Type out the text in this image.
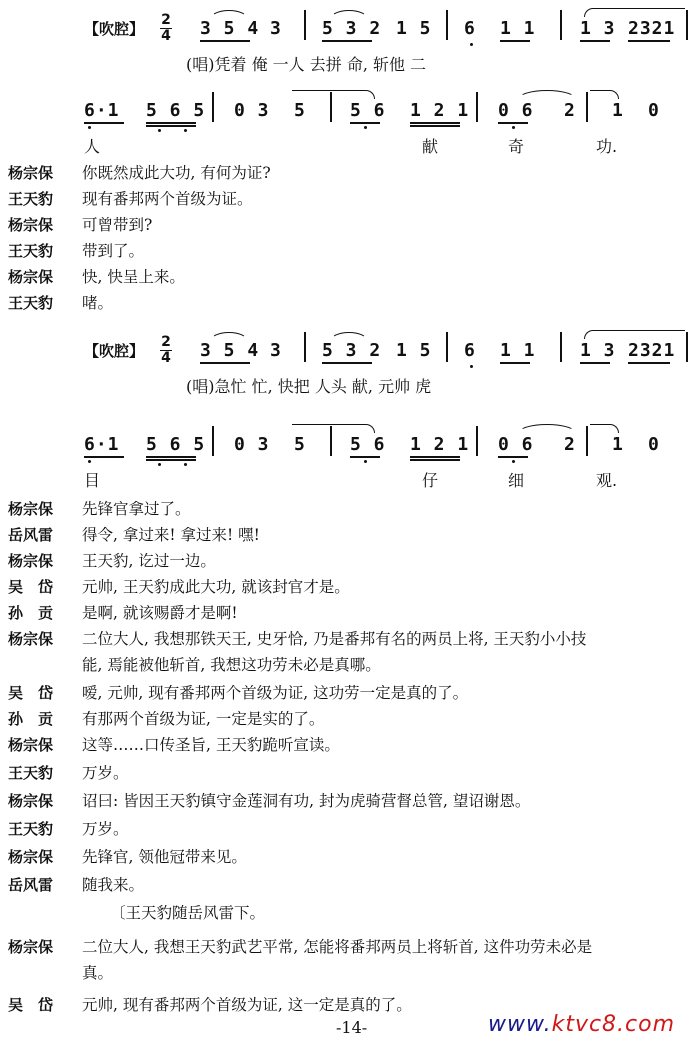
【吹腔】 2
4 3 5 4 3 5 3 2 1 5 6 1 1 1 3 2321
(唱)凭着 俺 一人 去拼 命, 斩他 二
6·1 5 6 5 0 3 5 5 6 1 2 1 0 6 2 1 0
人	献	奇	功.
杨宗保	你既然成此大功, 有何为证?
王天豹	现有番邦两个首级为证。
杨宗保	可曾带到?
王天豹	带到了。
杨宗保	快, 快呈上来。
王天豹	啫。
【吹腔】 2
4 3 5 4 3 5 3 2 1 5 6 1 1 1 3 2321
(唱)急忙 忙, 快把 人头 献, 元帅 虎
6·1 5 6 5 0 3 5 5 6 1 2 1 0 6 2 1 0
目	仔	细	观.
杨宗保	先锋官拿过了。
岳风雷	得令, 拿过来! 拿过来! 嘿!
杨宗保	王天豹, 讫过一边。
吴　岱	元帅, 王天豹成此大功, 就该封官才是。
孙　贡	是啊, 就该赐爵才是啊!
杨宗保	二位大人, 我想那铁天王, 史牙恰, 乃是番邦有名的两员上将, 王天豹小小技
能, 焉能被他斩首, 我想这功劳未必是真哪。
吴　岱	嗳, 元帅, 现有番邦两个首级为证, 这功劳一定是真的了。
孙　贡	有那两个首级为证, 一定是实的了。
杨宗保	这等……口传圣旨, 王天豹跪听宣读。
王天豹	万岁。
杨宗保	诏曰: 皆因王天豹镇守金莲洞有功, 封为虎骑营督总管, 望诏谢恩。
王天豹	万岁。
杨宗保	先锋官, 领他冠带来见。
岳风雷	随我来。
〔王天豹随岳风雷下。
杨宗保	二位大人, 我想王天豹武艺平常, 怎能将番邦两员上将斩首, 这件功劳未必是
真。
吴　岱	元帅, 现有番邦两个首级为证, 这一定是真的了。
-14-	www.ktvc8.com
